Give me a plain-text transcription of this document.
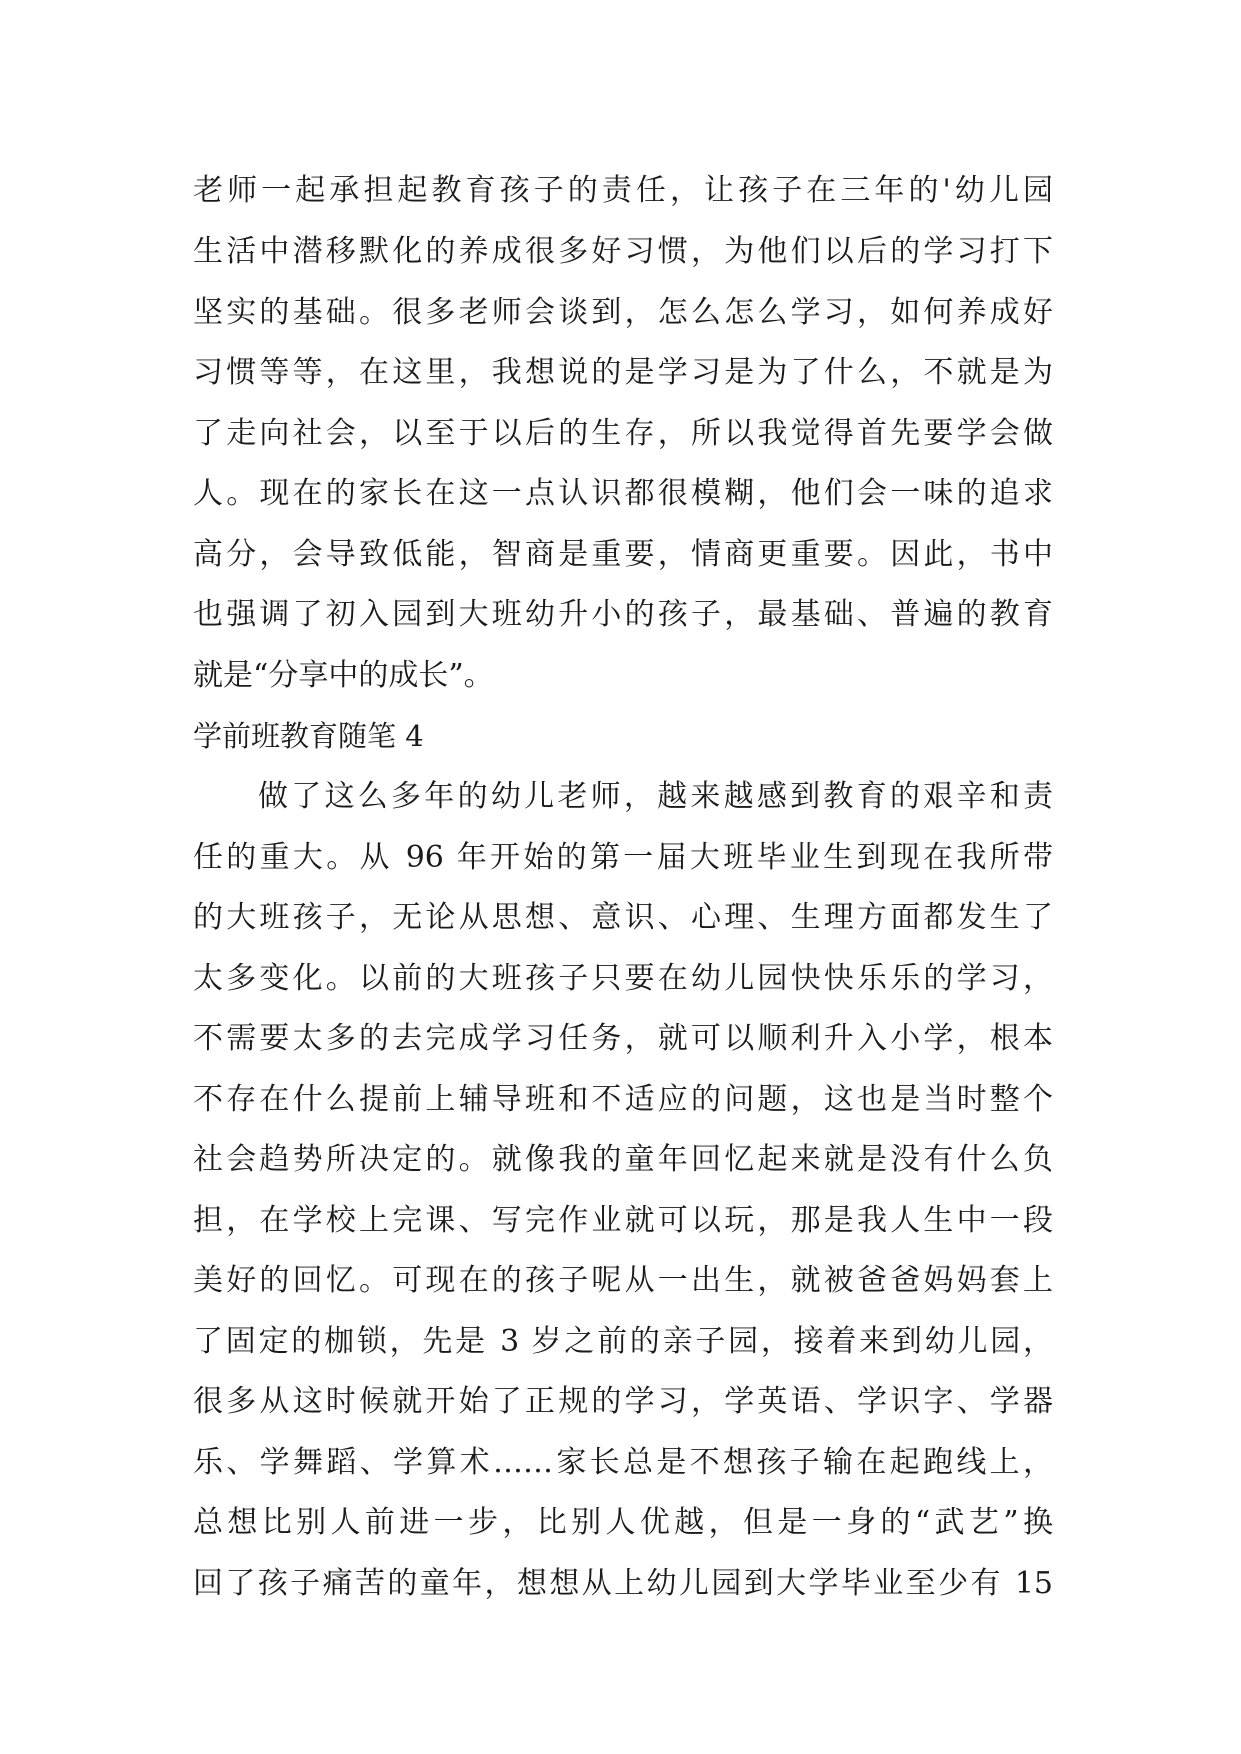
老师一起承担起教育孩子的责任，让孩子在三年的'幼儿园
生活中潜移默化的养成很多好习惯，为他们以后的学习打下
坚实的基础。很多老师会谈到，怎么怎么学习，如何养成好
习惯等等，在这里，我想说的是学习是为了什么，不就是为
了走向社会，以至于以后的生存，所以我觉得首先要学会做
人。现在的家长在这一点认识都很模糊，他们会一味的追求
高分，会导致低能，智商是重要，情商更重要。因此，书中
也强调了初入园到大班幼升小的孩子，最基础、普遍的教育
就是“分享中的成长”。
学前班教育随笔 4
做了这么多年的幼儿老师，越来越感到教育的艰辛和责
任的重大。从 96 年开始的第一届大班毕业生到现在我所带
的大班孩子，无论从思想、意识、心理、生理方面都发生了
太多变化。以前的大班孩子只要在幼儿园快快乐乐的学习，
不需要太多的去完成学习任务，就可以顺利升入小学，根本
不存在什么提前上辅导班和不适应的问题，这也是当时整个
社会趋势所决定的。就像我的童年回忆起来就是没有什么负
担，在学校上完课、写完作业就可以玩，那是我人生中一段
美好的回忆。可现在的孩子呢从一出生，就被爸爸妈妈套上
了固定的枷锁，先是 3 岁之前的亲子园，接着来到幼儿园，
很多从这时候就开始了正规的学习，学英语、学识字、学器
乐、学舞蹈、学算术……家长总是不想孩子输在起跑线上，
总想比别人前进一步，比别人优越，但是一身的“武艺”换
回了孩子痛苦的童年，想想从上幼儿园到大学毕业至少有 15
